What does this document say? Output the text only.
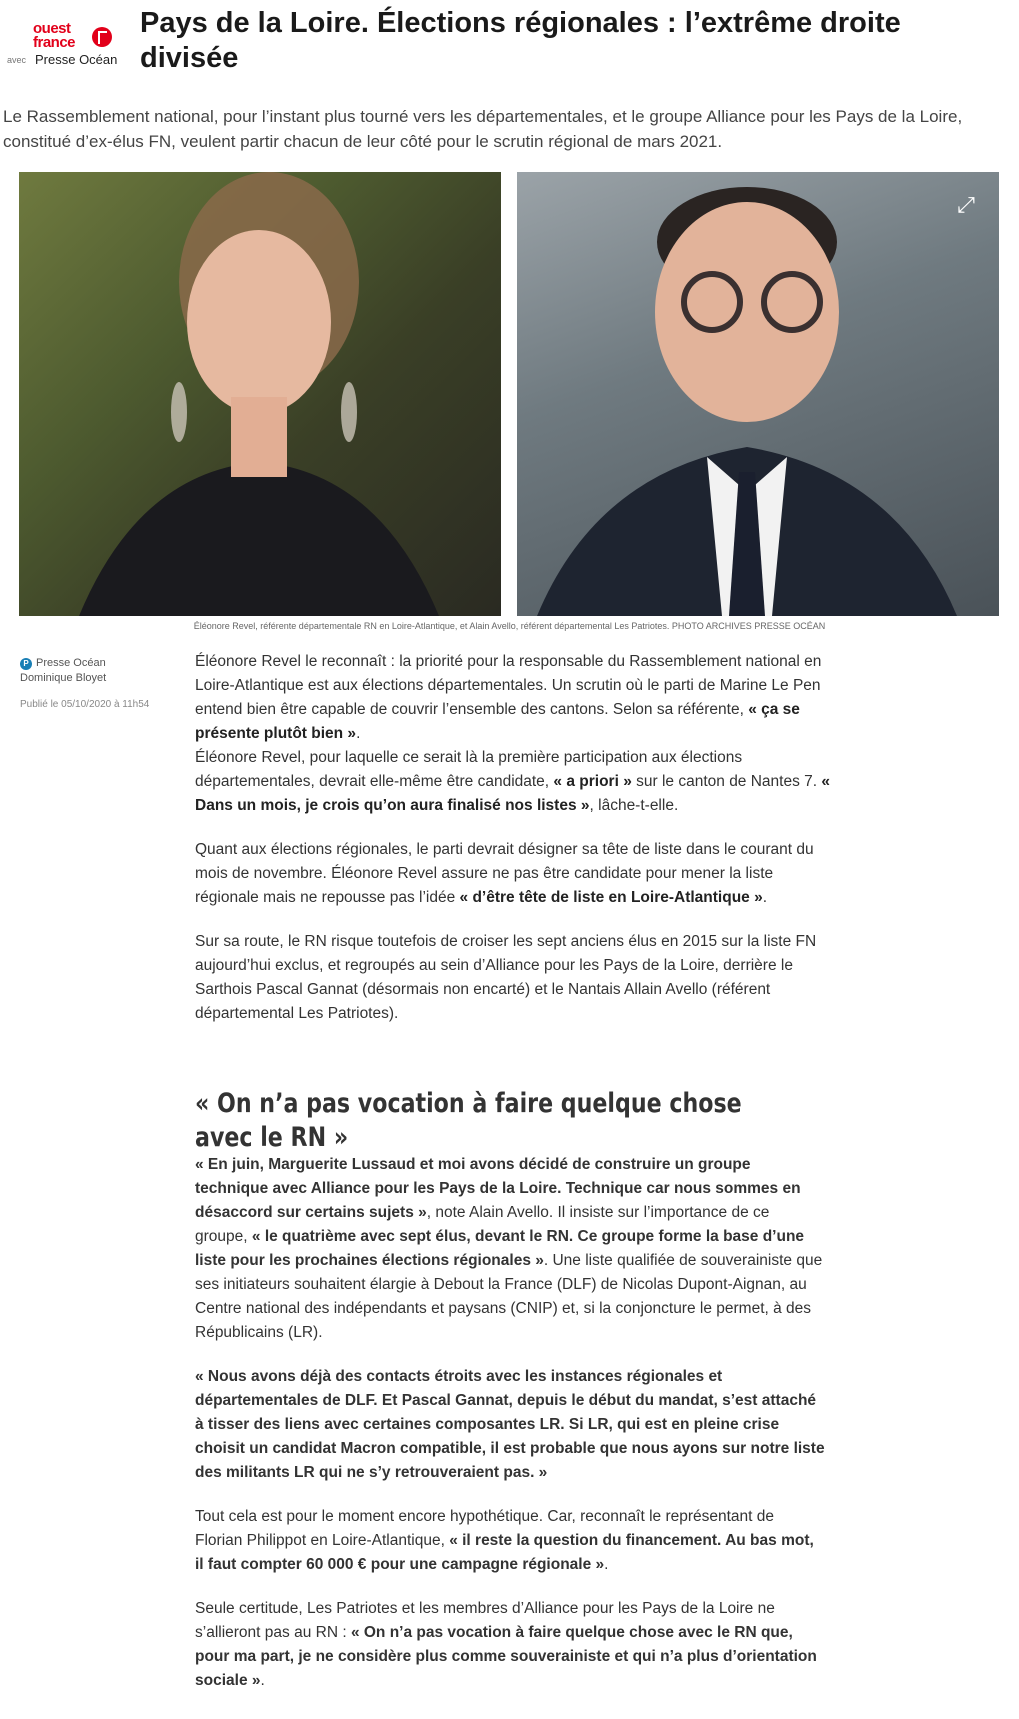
ouest
france
avec Presse Océan
Pays de la Loire. Élections régionales : l’extrême droite divisée

Le Rassemblement national, pour l’instant plus tourné vers les départementales, et le groupe Alliance pour les Pays de la Loire, constitué d’ex-élus FN, veulent partir chacun de leur côté pour le scrutin régional de mars 2021.

⤢
Éléonore Revel, référente départementale RN en Loire-Atlantique, et Alain Avello, référent départemental Les Patriotes. PHOTO ARCHIVES PRESSE OCÉAN
P Presse Océan
Dominique Bloyet
Publié le 05/10/2020 à 11h54

Éléonore Revel le reconnaît : la priorité pour la responsable du Rassemblement national en Loire-Atlantique est aux élections départementales. Un scrutin où le parti de Marine Le Pen entend bien être capable de couvrir l’ensemble des cantons. Selon sa référente, « ça se présente plutôt bien ».

Éléonore Revel, pour laquelle ce serait là la première participation aux élections départementales, devrait elle-même être candidate, « a priori » sur le canton de Nantes 7. « Dans un mois, je crois qu’on aura finalisé nos listes », lâche-t-elle.

Quant aux élections régionales, le parti devrait désigner sa tête de liste dans le courant du mois de novembre. Éléonore Revel assure ne pas être candidate pour mener la liste régionale mais ne repousse pas l’idée « d’être tête de liste en Loire-Atlantique ».

Sur sa route, le RN risque toutefois de croiser les sept anciens élus en 2015 sur la liste FN aujourd’hui exclus, et regroupés au sein d’Alliance pour les Pays de la Loire, derrière le Sarthois Pascal Gannat (désormais non encarté) et le Nantais Allain Avello (référent départemental Les Patriotes).

« On n’a pas vocation à faire quelque chose avec le RN »

« En juin, Marguerite Lussaud et moi avons décidé de construire un groupe technique avec Alliance pour les Pays de la Loire. Technique car nous sommes en désaccord sur certains sujets », note Alain Avello. Il insiste sur l’importance de ce groupe, « le quatrième avec sept élus, devant le RN. Ce groupe forme la base d’une liste pour les prochaines élections régionales ». Une liste qualifiée de souverainiste que ses initiateurs souhaitent élargie à Debout la France (DLF) de Nicolas Dupont-Aignan, au Centre national des indépendants et paysans (CNIP) et, si la conjoncture le permet, à des Républicains (LR).

« Nous avons déjà des contacts étroits avec les instances régionales et départementales de DLF. Et Pascal Gannat, depuis le début du mandat, s’est attaché à tisser des liens avec certaines composantes LR. Si LR, qui est en pleine crise choisit un candidat Macron compatible, il est probable que nous ayons sur notre liste des militants LR qui ne s’y retrouveraient pas. »

Tout cela est pour le moment encore hypothétique. Car, reconnaît le représentant de Florian Philippot en Loire-Atlantique, « il reste la question du financement. Au bas mot, il faut compter 60 000 € pour une campagne régionale ».

Seule certitude, Les Patriotes et les membres d’Alliance pour les Pays de la Loire ne s’allieront pas au RN : « On n’a pas vocation à faire quelque chose avec le RN que, pour ma part, je ne considère plus comme souverainiste et qui n’a plus d’orientation sociale ».
